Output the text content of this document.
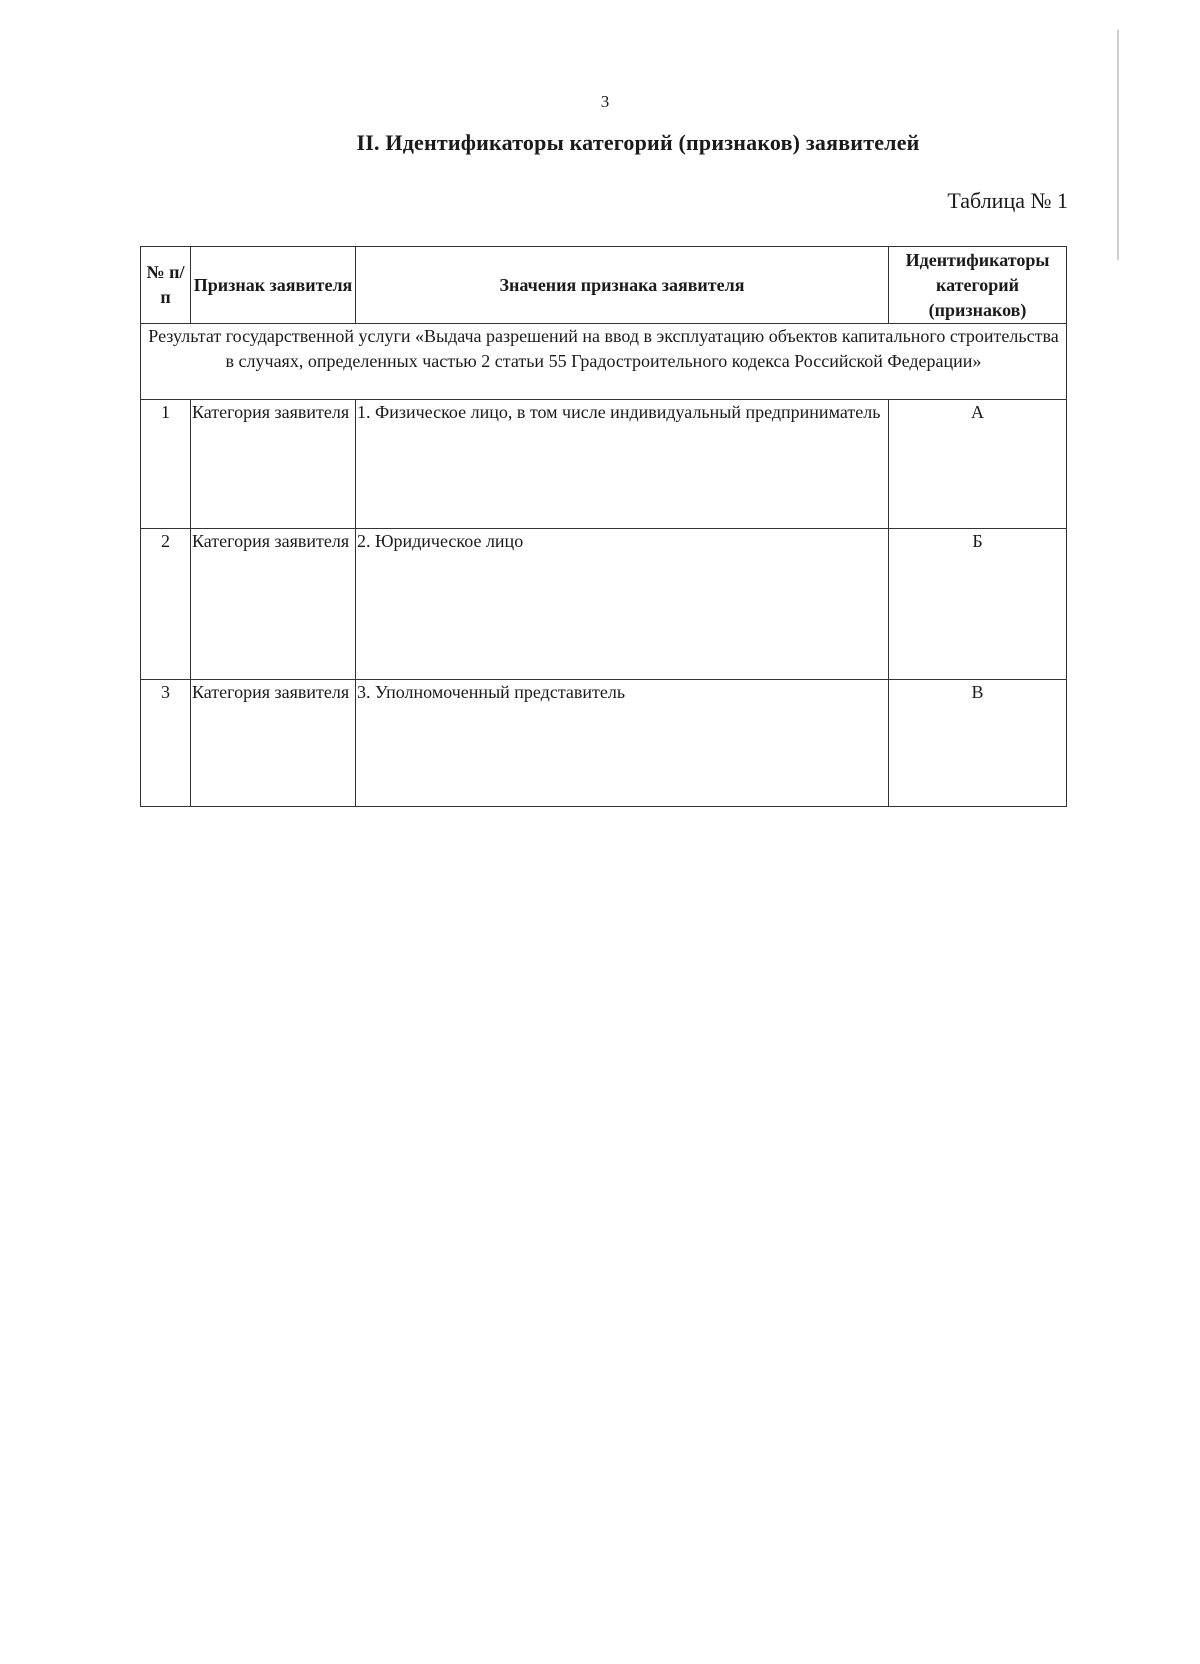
3
II. Идентификаторы категорий (признаков) заявителей
Таблица № 1
№ п/п	Признак заявителя	Значения признака заявителя	Идентификаторы категорий (признаков)
Результат государственной услуги «Выдача разрешений на ввод в эксплуатацию объектов капитального строительства в случаях, определенных частью 2 статьи 55 Градостроительного кодекса Российской Федерации»			
1	Категория заявителя	1. Физическое лицо, в том числе индивидуальный предприниматель	А
2	Категория заявителя	2. Юридическое лицо	Б
3	Категория заявителя	3. Уполномоченный представитель	В
